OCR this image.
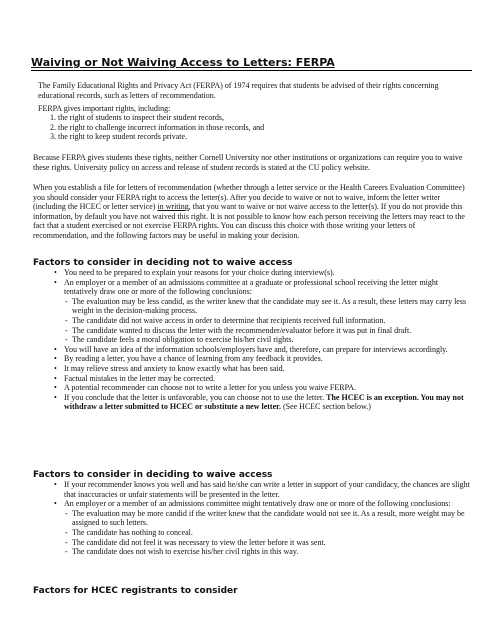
Waiving or Not Waiving Access to Letters: FERPA

The Family Educational Rights and Privacy Act (FERPA) of 1974 requires that students be advised of their rights concerning educational records, such as letters of recommendation.

FERPA gives important rights, including:

1. the right of students to inspect their student records,
2. the right to challenge incorrect information in those records, and
3. the right to keep student records private.

Because FERPA gives students these rights, neither Cornell University nor other institutions or organizations can require you to waive these rights. University policy on access and release of student records is stated at the CU policy website.

When you establish a file for letters of recommendation (whether through a letter service or the Health Careers Evaluation Committee) you should consider your FERPA right to access the letter(s). After you decide to waive or not to waive, inform the letter writer (including the HCEC or letter service) in writing, that you want to waive or not waive access to the letter(s). If you do not provide this information, by default you have not waived this right. It is not possible to know how each person receiving the letters may react to the fact that a student exercised or not exercise FERPA rights. You can discuss this choice with those writing your letters of recommendation, and the following factors may be useful in making your decision.

Factors to consider in deciding not to waive access
• You need to be prepared to explain your reasons for your choice during interview(s).
• An employer or a member of an admissions committee at a graduate or professional school receiving the letter might tentatively draw one or more of the following conclusions:
- The evaluation may be less candid, as the writer knew that the candidate may see it. As a result, these letters may carry less weight in the decision-making process.
- The candidate did not waive access in order to determine that recipients received full information.
- The candidate wanted to discuss the letter with the recommender/evaluator before it was put in final draft.
- The candidate feels a moral obligation to exercise his/her civil rights.
• You will have an idea of the information schools/employers have and, therefore, can prepare for interviews accordingly.
• By reading a letter, you have a chance of learning from any feedback it provides.
• It may relieve stress and anxiety to know exactly what has been said.
• Factual mistakes in the letter may be corrected.
• A potential recommender can choose not to write a letter for you unless you waive FERPA.
• If you conclude that the letter is unfavorable, you can choose not to use the letter. The HCEC is an exception. You may not withdraw a letter submitted to HCEC or substitute a new letter. (See HCEC section below.)
Factors to consider in deciding to waive access
• If your recommender knows you well and has said he/she can write a letter in support of your candidacy, the chances are slight that inaccuracies or unfair statements will be presented in the letter.
• An employer or a member of an admissions committee might tentatively draw one or more of the following conclusions:
- The evaluation may be more candid if the writer knew that the candidate would not see it. As a result, more weight may be assigned to such letters.
- The candidate has nothing to conceal.
- The candidate did not feel it was necessary to view the letter before it was sent.
- The candidate does not wish to exercise his/her civil rights in this way.
Factors for HCEC registrants to consider
